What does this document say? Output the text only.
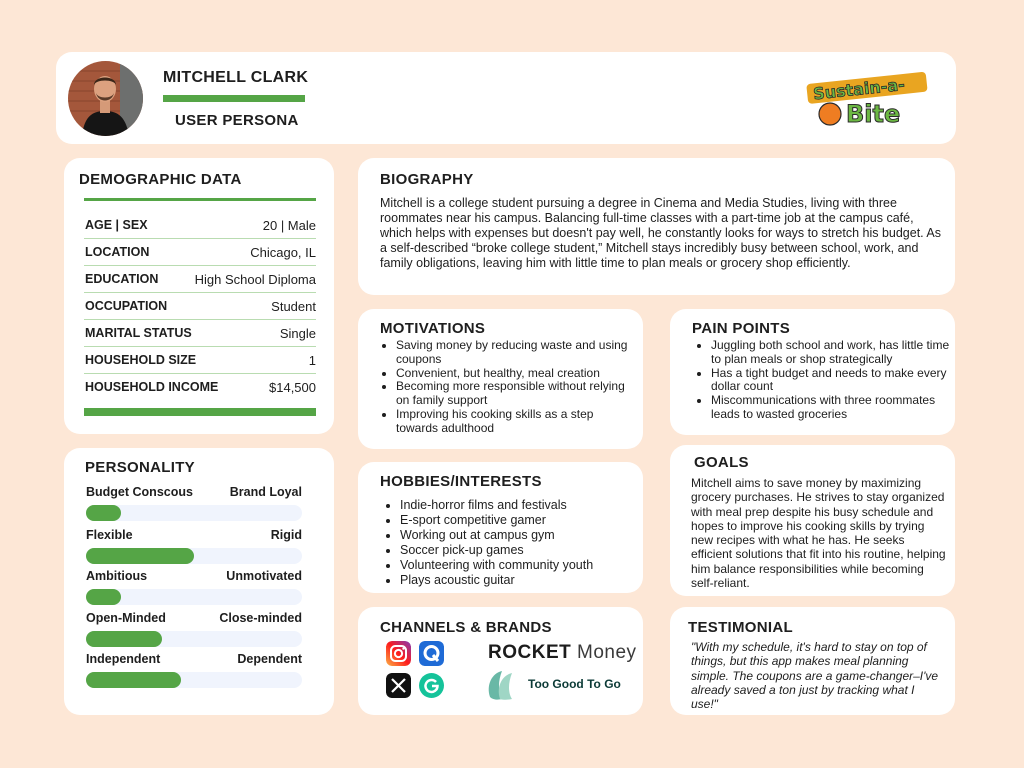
MITCHELL CLARK
USER PERSONA
Sustain-a-
Bite
DEMOGRAPHIC DATA
AGE | SEX	20 | Male
LOCATION	Chicago, IL
EDUCATION	High School Diploma
OCCUPATION	Student
MARITAL STATUS	Single
HOUSEHOLD SIZE	1
HOUSEHOLD INCOME	$14,500
PERSONALITY
Budget Conscous	Brand Loyal
Flexible	Rigid
Ambitious	Unmotivated
Open-Minded	Close-minded
Independent	Dependent
BIOGRAPHY

Mitchell is a college student pursuing a degree in Cinema and Media Studies, living with three roommates near his campus. Balancing full-time classes with a part-time job at the campus café, which helps with expenses but doesn't pay well, he constantly looks for ways to stretch his budget. As a self-described “broke college student,” Mitchell stays incredibly busy between school, work, and family obligations, leaving him with little time to plan meals or grocery shop efficiently.

MOTIVATIONS
• Saving money by reducing waste and using coupons
• Convenient, but healthy, meal creation
• Becoming more responsible without relying on family support
• Improving his cooking skills as a step towards adulthood
PAIN POINTS
• Juggling both school and work, has little time to plan meals or shop strategically
• Has a tight budget and needs to make every dollar count
• Miscommunications with three roommates leads to wasted groceries
HOBBIES/INTERESTS
• Indie-horror films and festivals
• E-sport competitive gamer
• Working out at campus gym
• Soccer pick-up games
• Volunteering with community youth
• Plays acoustic guitar
GOALS

Mitchell aims to save money by maximizing grocery purchases. He strives to stay organized with meal prep despite his busy schedule and hopes to improve his cooking skills by trying new recipes with what he has. He seeks efficient solutions that fit into his routine, helping him balance responsibilities while becoming self-reliant.

CHANNELS & BRANDS
ROCKET Money
Too Good To Go
TESTIMONIAL

"With my schedule, it's hard to stay on top of things, but this app makes meal planning simple. The coupons are a game-changer–I've already saved a ton just by tracking what I use!"
